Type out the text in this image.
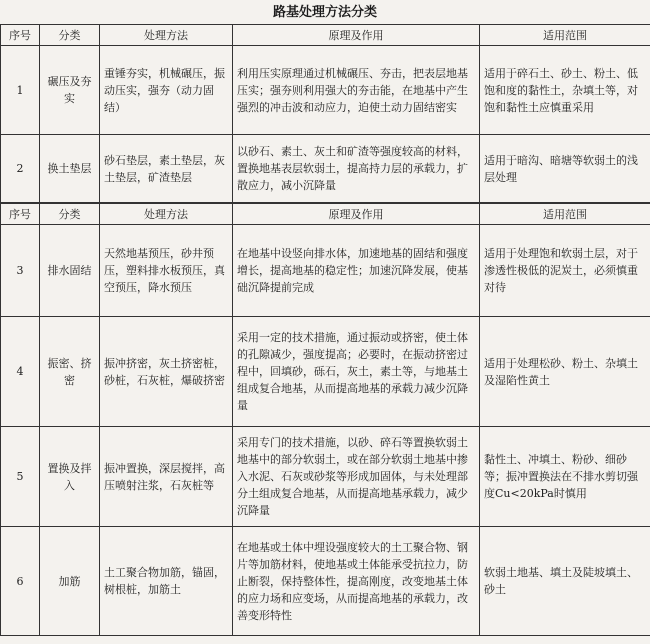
路基处理方法分类
序号	分类	处理方法	原理及作用	适用范围
1	碾压及夯实	重锤夯实，机械碾压，振动压实，强夯（动力固结）	利用压实原理通过机械碾压、夯击，把表层地基压实；强夯则利用强大的夯击能，在地基中产生强烈的冲击波和动应力，迫使土动力固结密实	适用于碎石土、砂土、粉土、低饱和度的黏性土，杂填土等，对饱和黏性土应慎重采用
2	换土垫层	砂石垫层，素土垫层，灰土垫层，矿渣垫层	以砂石、素土、灰土和矿渣等强度较高的材料，置换地基表层软弱土，提高持力层的承载力，扩散应力，减小沉降量	适用于暗沟、暗塘等软弱土的浅层处理
序号	分类	处理方法	原理及作用	适用范围
3	排水固结	天然地基预压，砂井预压，塑料排水板预压，真空预压，降水预压	在地基中设竖向排水体，加速地基的固结和强度增长，提高地基的稳定性；加速沉降发展，使基础沉降提前完成	适用于处理饱和软弱土层，对于渗透性极低的泥炭土，必须慎重对待
4	振密、挤密	振冲挤密，灰土挤密桩，砂桩，石灰桩，爆破挤密	采用一定的技术措施，通过振动或挤密，使土体的孔隙减少，强度提高；必要时，在振动挤密过程中，回填砂，砾石，灰土，素土等，与地基土组成复合地基，从而提高地基的承载力减少沉降量	适用于处理松砂、粉土、杂填土及湿陷性黄土
5	置换及拌入	振冲置换，深层搅拌，高压喷射注浆，石灰桩等	采用专门的技术措施，以砂、碎石等置换软弱土地基中的部分软弱土，或在部分软弱土地基中掺入水泥、石灰或砂浆等形成加固体，与未处理部分土组成复合地基，从而提高地基承载力，减少沉降量	黏性土、冲填土、粉砂、细砂等；振冲置换法在不排水剪切强度Cu<20kPa时慎用
6	加筋	土工聚合物加筋，锚固，树根桩，加筋土	在地基或土体中埋设强度较大的土工聚合物、钢片等加筋材料，使地基或土体能承受抗拉力，防止断裂，保持整体性，提高刚度，改变地基土体的应力场和应变场，从而提高地基的承载力，改善变形特性	软弱土地基、填土及陡坡填土、砂土
